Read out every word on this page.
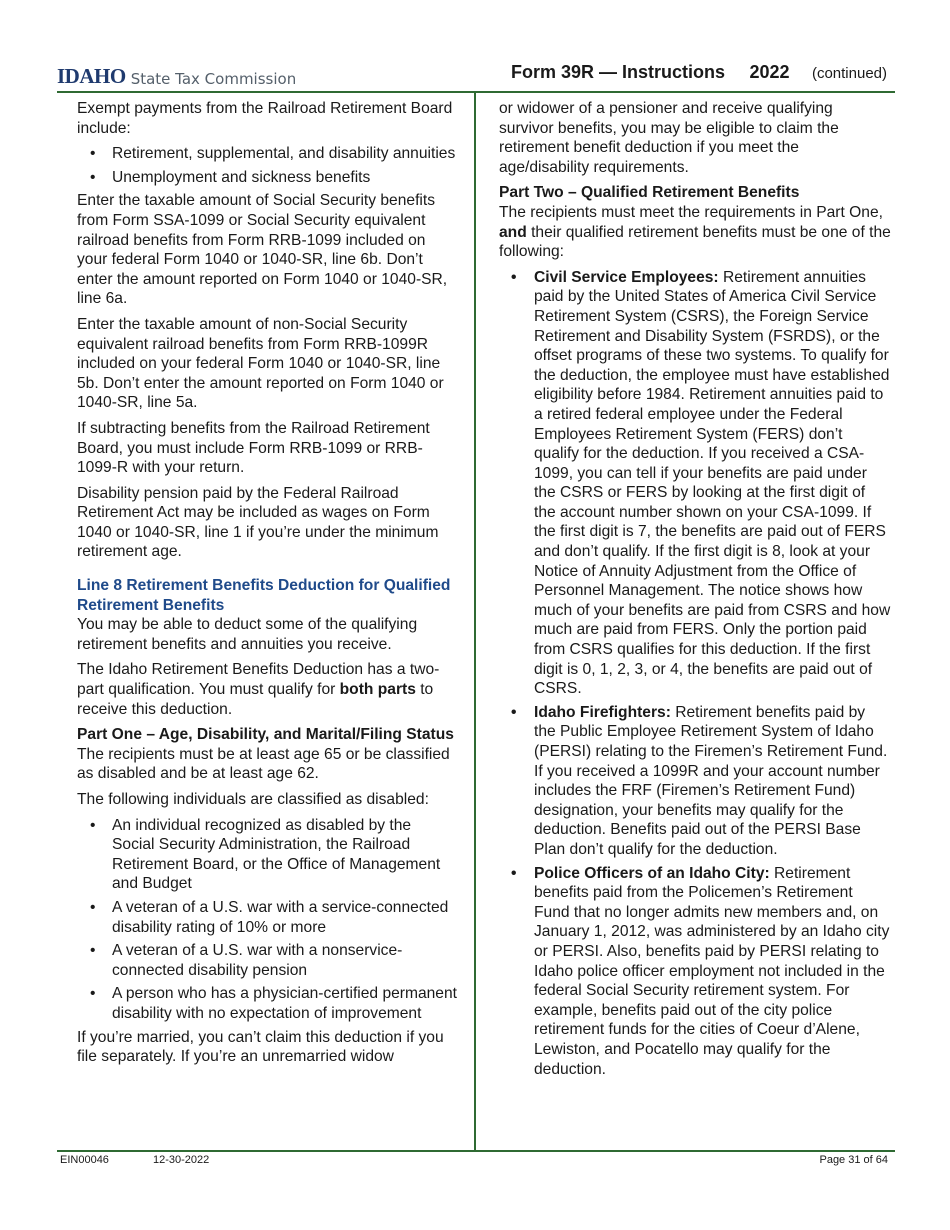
IDAHO State Tax Commission	Form 39R — Instructions 2022 (continued)

Exempt payments from the Railroad Retirement Board include:

• Retirement, supplemental, and disability annuities
• Unemployment and sickness benefits

Enter the taxable amount of Social Security benefits from Form SSA-1099 or Social Security equivalent railroad benefits from Form RRB-1099 included on your federal Form 1040 or 1040-SR, line 6b. Don’t enter the amount reported on Form 1040 or 1040-SR, line 6a.

Enter the taxable amount of non-Social Security equivalent railroad benefits from Form RRB-1099R included on your federal Form 1040 or 1040-SR, line 5b. Don’t enter the amount reported on Form 1040 or 1040-SR, line 5a.

If subtracting benefits from the Railroad Retirement Board, you must include Form RRB-1099 or RRB-1099-R with your return.

Disability pension paid by the Federal Railroad Retirement Act may be included as wages on Form 1040 or 1040-SR, line 1 if you’re under the minimum retirement age.

Line 8 Retirement Benefits Deduction for Qualified Retirement Benefits

You may be able to deduct some of the qualifying retirement benefits and annuities you receive.

The Idaho Retirement Benefits Deduction has a two-part qualification. You must qualify for both parts to receive this deduction.

Part One – Age, Disability, and Marital/Filing Status

The recipients must be at least age 65 or be classified as disabled and be at least age 62.

The following individuals are classified as disabled:

• An individual recognized as disabled by the Social Security Administration, the Railroad Retirement Board, or the Office of Management and Budget
• A veteran of a U.S. war with a service-connected disability rating of 10% or more
• A veteran of a U.S. war with a nonservice-connected disability pension
• A person who has a physician-certified permanent disability with no expectation of improvement

If you’re married, you can’t claim this deduction if you file separately. If you’re an unremarried widow

or widower of a pensioner and receive qualifying survivor benefits, you may be eligible to claim the retirement benefit deduction if you meet the age/disability requirements.

Part Two – Qualified Retirement Benefits

The recipients must meet the requirements in Part One, and their qualified retirement benefits must be one of the following:

• Civil Service Employees: Retirement annuities paid by the United States of America Civil Service Retirement System (CSRS), the Foreign Service Retirement and Disability System (FSRDS), or the offset programs of these two systems. To qualify for the deduction, the employee must have established eligibility before 1984. Retirement annuities paid to a retired federal employee under the Federal Employees Retirement System (FERS) don’t qualify for the deduction. If you received a CSA-1099, you can tell if your benefits are paid under the CSRS or FERS by looking at the first digit of the account number shown on your CSA-1099. If the first digit is 7, the benefits are paid out of FERS and don’t qualify. If the first digit is 8, look at your Notice of Annuity Adjustment from the Office of Personnel Management. The notice shows how much of your benefits are paid from CSRS and how much are paid from FERS. Only the portion paid from CSRS qualifies for this deduction. If the first digit is 0, 1, 2, 3, or 4, the benefits are paid out of CSRS.
• Idaho Firefighters: Retirement benefits paid by the Public Employee Retirement System of Idaho (PERSI) relating to the Firemen’s Retirement Fund. If you received a 1099R and your account number includes the FRF (Firemen’s Retirement Fund) designation, your benefits may qualify for the deduction. Benefits paid out of the PERSI Base Plan don’t qualify for the deduction.
• Police Officers of an Idaho City: Retirement benefits paid from the Policemen’s Retirement Fund that no longer admits new members and, on January 1, 2012, was administered by an Idaho city or PERSI. Also, benefits paid by PERSI relating to Idaho police officer employment not included in the federal Social Security retirement system. For example, benefits paid out of the city police retirement funds for the cities of Coeur d’Alene, Lewiston, and Pocatello may qualify for the deduction.
EIN00046	12-30-2022	Page 31 of 64
